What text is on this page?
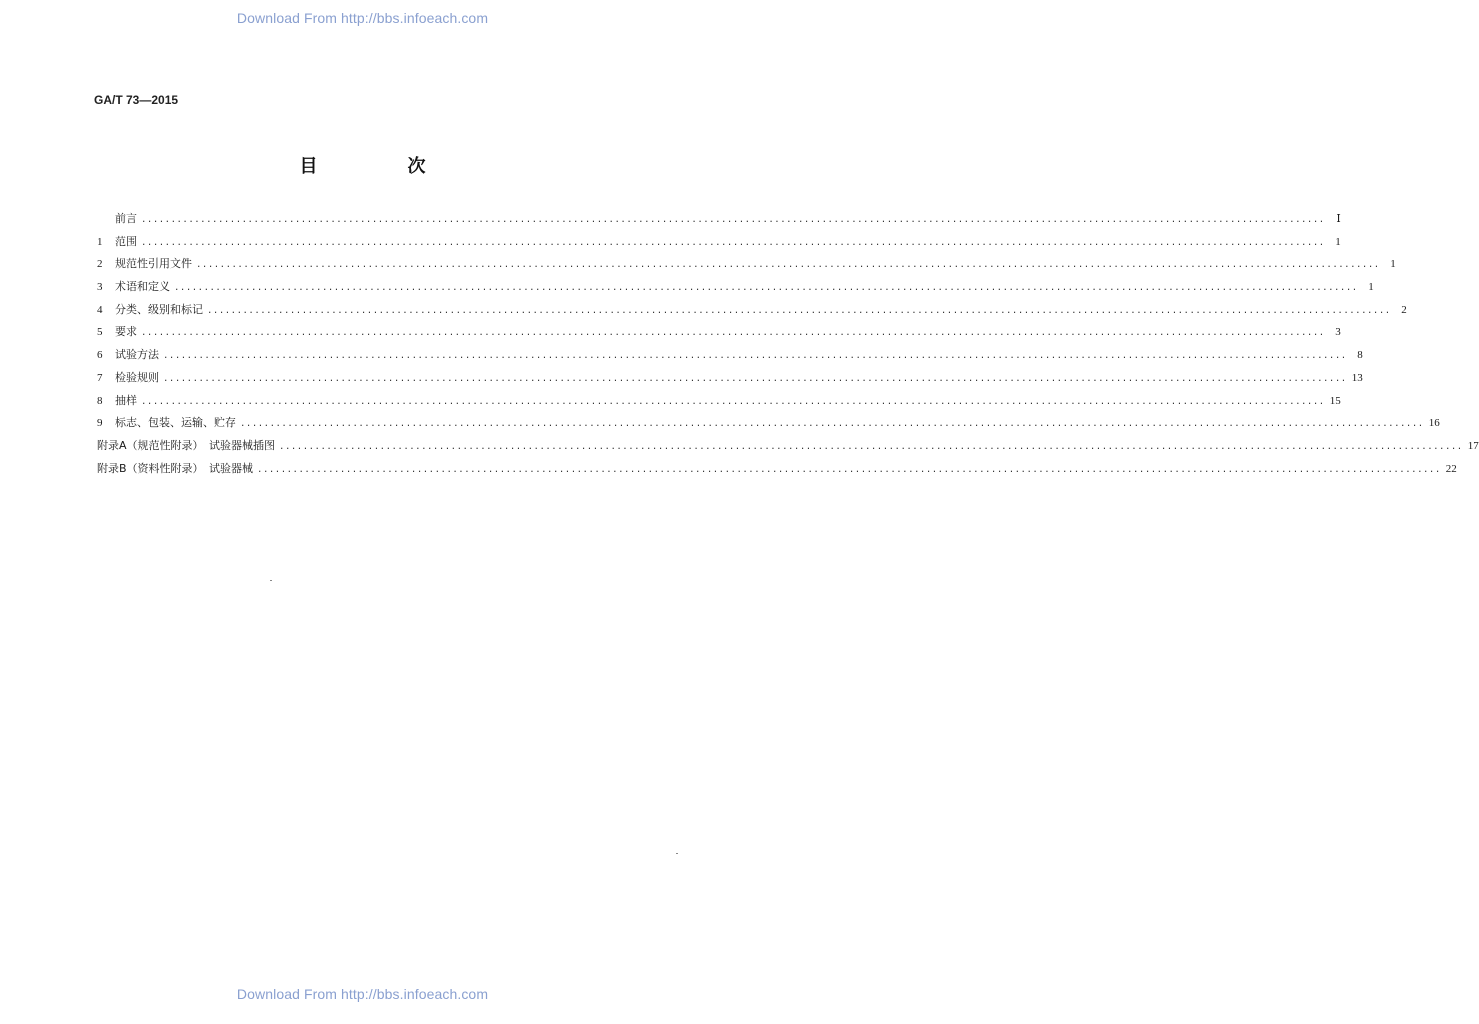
Download From http://bbs.infoeach.com
GA/T 73—2015
目　次
前言 ........................................................................................................................................................................................................	Ⅰ
1	范围 ........................................................................................................................................................................................................ 1
2	规范性引用文件 ........................................................................................................................................................................................................ 1
3	术语和定义 ........................................................................................................................................................................................................ 1
4	分类、级别和标记 ........................................................................................................................................................................................................ 2
5	要求 ........................................................................................................................................................................................................ 3
6	试验方法 ........................................................................................................................................................................................................ 8
7	检验规则 ........................................................................................................................................................................................................ 13
8	抽样 ........................................................................................................................................................................................................ 15
9	标志、包装、运输、贮存 ........................................................................................................................................................................................................ 16
附录A（规范性附录）　试验器械插图 ........................................................................................................................................................................................................ 17
附录B（资料性附录）　试验器械 ........................................................................................................................................................................................................ 22
Download From http://bbs.infoeach.com
